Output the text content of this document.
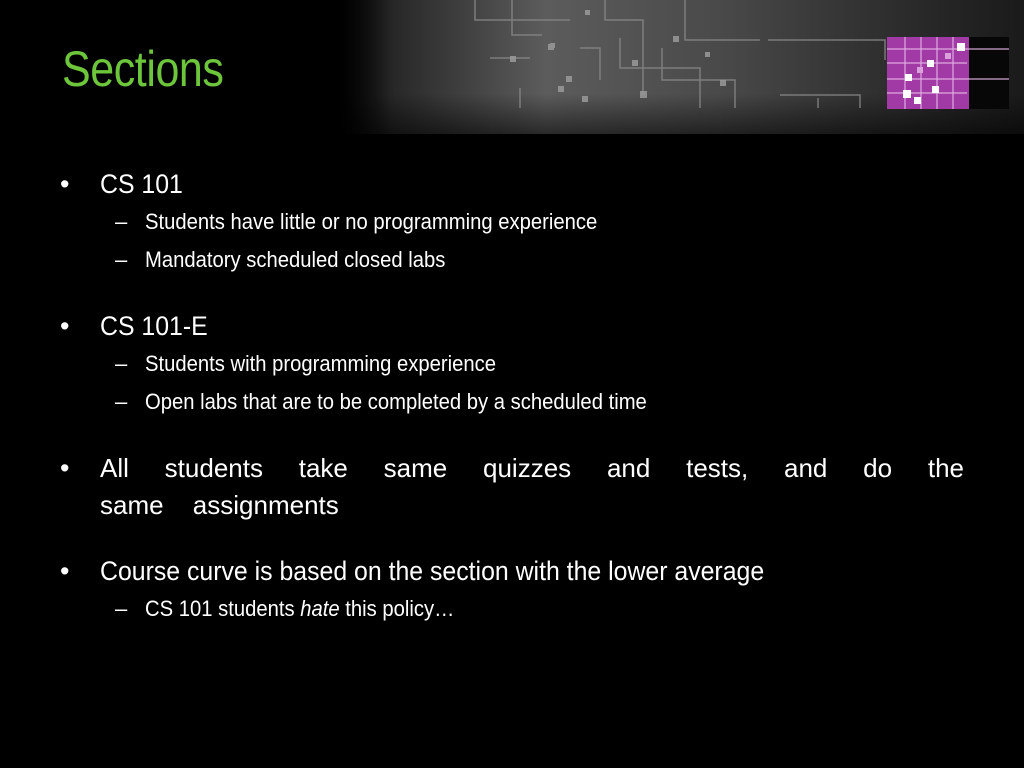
Sections
•	CS 101
– Students have little or no programming experience
– Mandatory scheduled closed labs
•	CS 101-E
– Students with programming experience
– Open labs that are to be completed by a scheduled time
•	All students take same quizzes and tests, and do the same assignments
•	Course curve is based on the section with the lower average
– CS 101 students hate this policy…
